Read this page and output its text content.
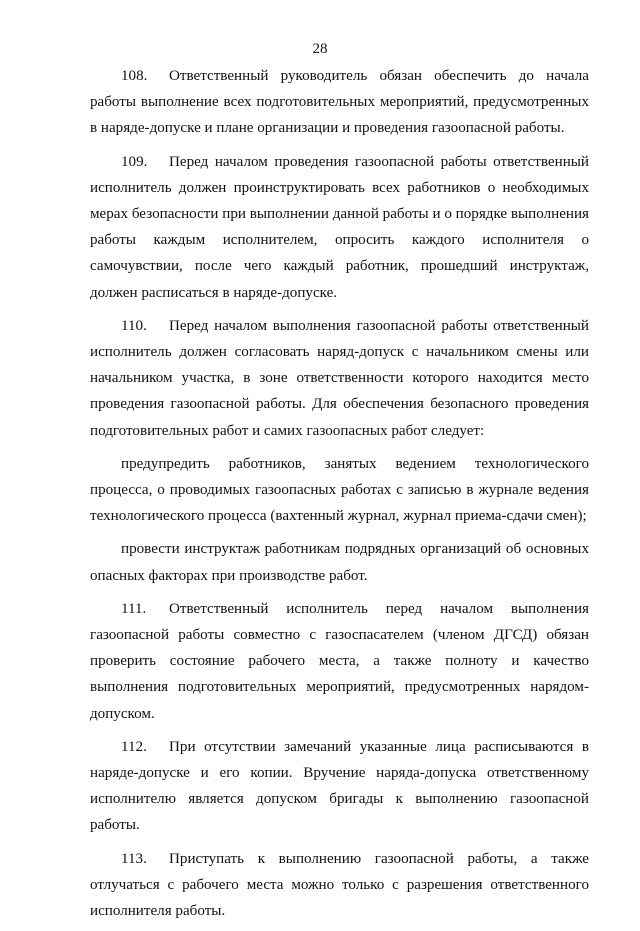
28

108. Ответственный руководитель обязан обеспечить до начала работы выполнение всех подготовительных мероприятий, предусмотренных в наряде-допуске и плане организации и проведения газоопасной работы.

109. Перед началом проведения газоопасной работы ответственный исполнитель должен проинструктировать всех работников о необходимых мерах безопасности при выполнении данной работы и о порядке выполнения работы каждым исполнителем, опросить каждого исполнителя о самочувствии, после чего каждый работник, прошедший инструктаж, должен расписаться в наряде-допуске.

110. Перед началом выполнения газоопасной работы ответственный исполнитель должен согласовать наряд-допуск с начальником смены или начальником участка, в зоне ответственности которого находится место проведения газоопасной работы. Для обеспечения безопасного проведения подготовительных работ и самих газоопасных работ следует:

предупредить работников, занятых ведением технологического процесса, о проводимых газоопасных работах с записью в журнале ведения технологического процесса (вахтенный журнал, журнал приема-сдачи смен);

провести инструктаж работникам подрядных организаций об основных опасных факторах при производстве работ.

111. Ответственный исполнитель перед началом выполнения газоопасной работы совместно с газоспасателем (членом ДГСД) обязан проверить состояние рабочего места, а также полноту и качество выполнения подготовительных мероприятий, предусмотренных нарядом-допуском.

112. При отсутствии замечаний указанные лица расписываются в наряде-допуске и его копии. Вручение наряда-допуска ответственному исполнителю является допуском бригады к выполнению газоопасной работы.

113. Приступать к выполнению газоопасной работы, а также отлучаться с рабочего места можно только с разрешения ответственного исполнителя работы.
